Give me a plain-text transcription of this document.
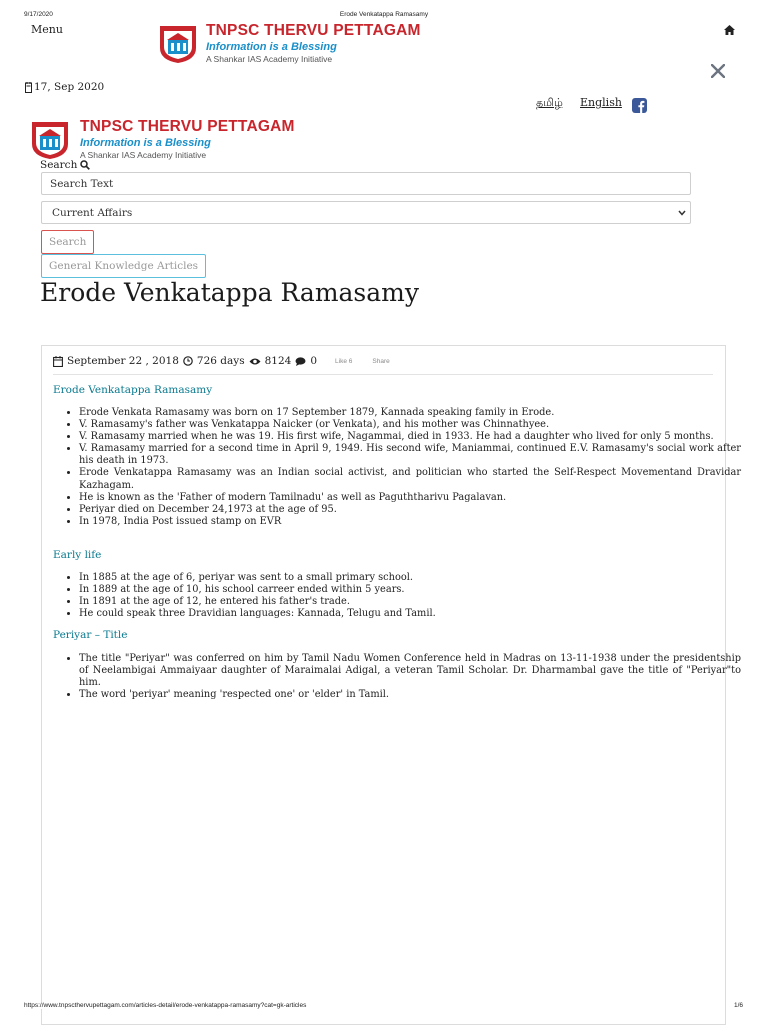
9/17/2020	Erode Venkatappa Ramasamy
Menu	TNPSC THERVU PETTAGAM
Information is a Blessing
A Shankar IAS Academy Initiative
17, Sep 2020
தமிழ் English
TNPSC THERVU PETTAGAM
Information is a Blessing
A Shankar IAS Academy Initiative
Search
Search Text
Current Affairs
Search
General Knowledge Articles
Erode Venkatappa Ramasamy
September 22 , 2018 726 days 8124 0	Like 6	Share
Erode Venkatappa Ramasamy
• Erode Venkata Ramasamy was born on 17 September 1879, Kannada speaking family in Erode.
• V. Ramasamy's father was Venkatappa Naicker (or Venkata), and his mother was Chinnathyee.
• V. Ramasamy married when he was 19. His first wife, Nagammai, died in 1933. He had a daughter who lived for only 5 months.
• V. Ramasamy married for a second time in April 9, 1949. His second wife, Maniammai, continued E.V. Ramasamy's social work after his death in 1973.
• Erode Venkatappa Ramasamy was an Indian social activist, and politician who started the Self-Respect Movementand Dravidar Kazhagam.
• He is known as the 'Father of modern Tamilnadu' as well as Paguththarivu Pagalavan.
• Periyar died on December 24,1973 at the age of 95.
• In 1978, India Post issued stamp on EVR
Early life
• In 1885 at the age of 6, periyar was sent to a small primary school.
• In 1889 at the age of 10, his school carreer ended within 5 years.
• In 1891 at the age of 12, he entered his father's trade.
• He could speak three Dravidian languages: Kannada, Telugu and Tamil.
Periyar – Title
• The title "Periyar" was conferred on him by Tamil Nadu Women Conference held in Madras on 13-11-1938 under the presidentship of Neelambigai Ammaiyaar daughter of Maraimalai Adigal, a veteran Tamil Scholar. Dr. Dharmambal gave the title of "Periyar"to him.
• The word 'periyar' meaning 'respected one' or 'elder' in Tamil.
https://www.tnpscthervupettagam.com/articles-detail/erode-venkatappa-ramasamy?cat=gk-articles	1/6
